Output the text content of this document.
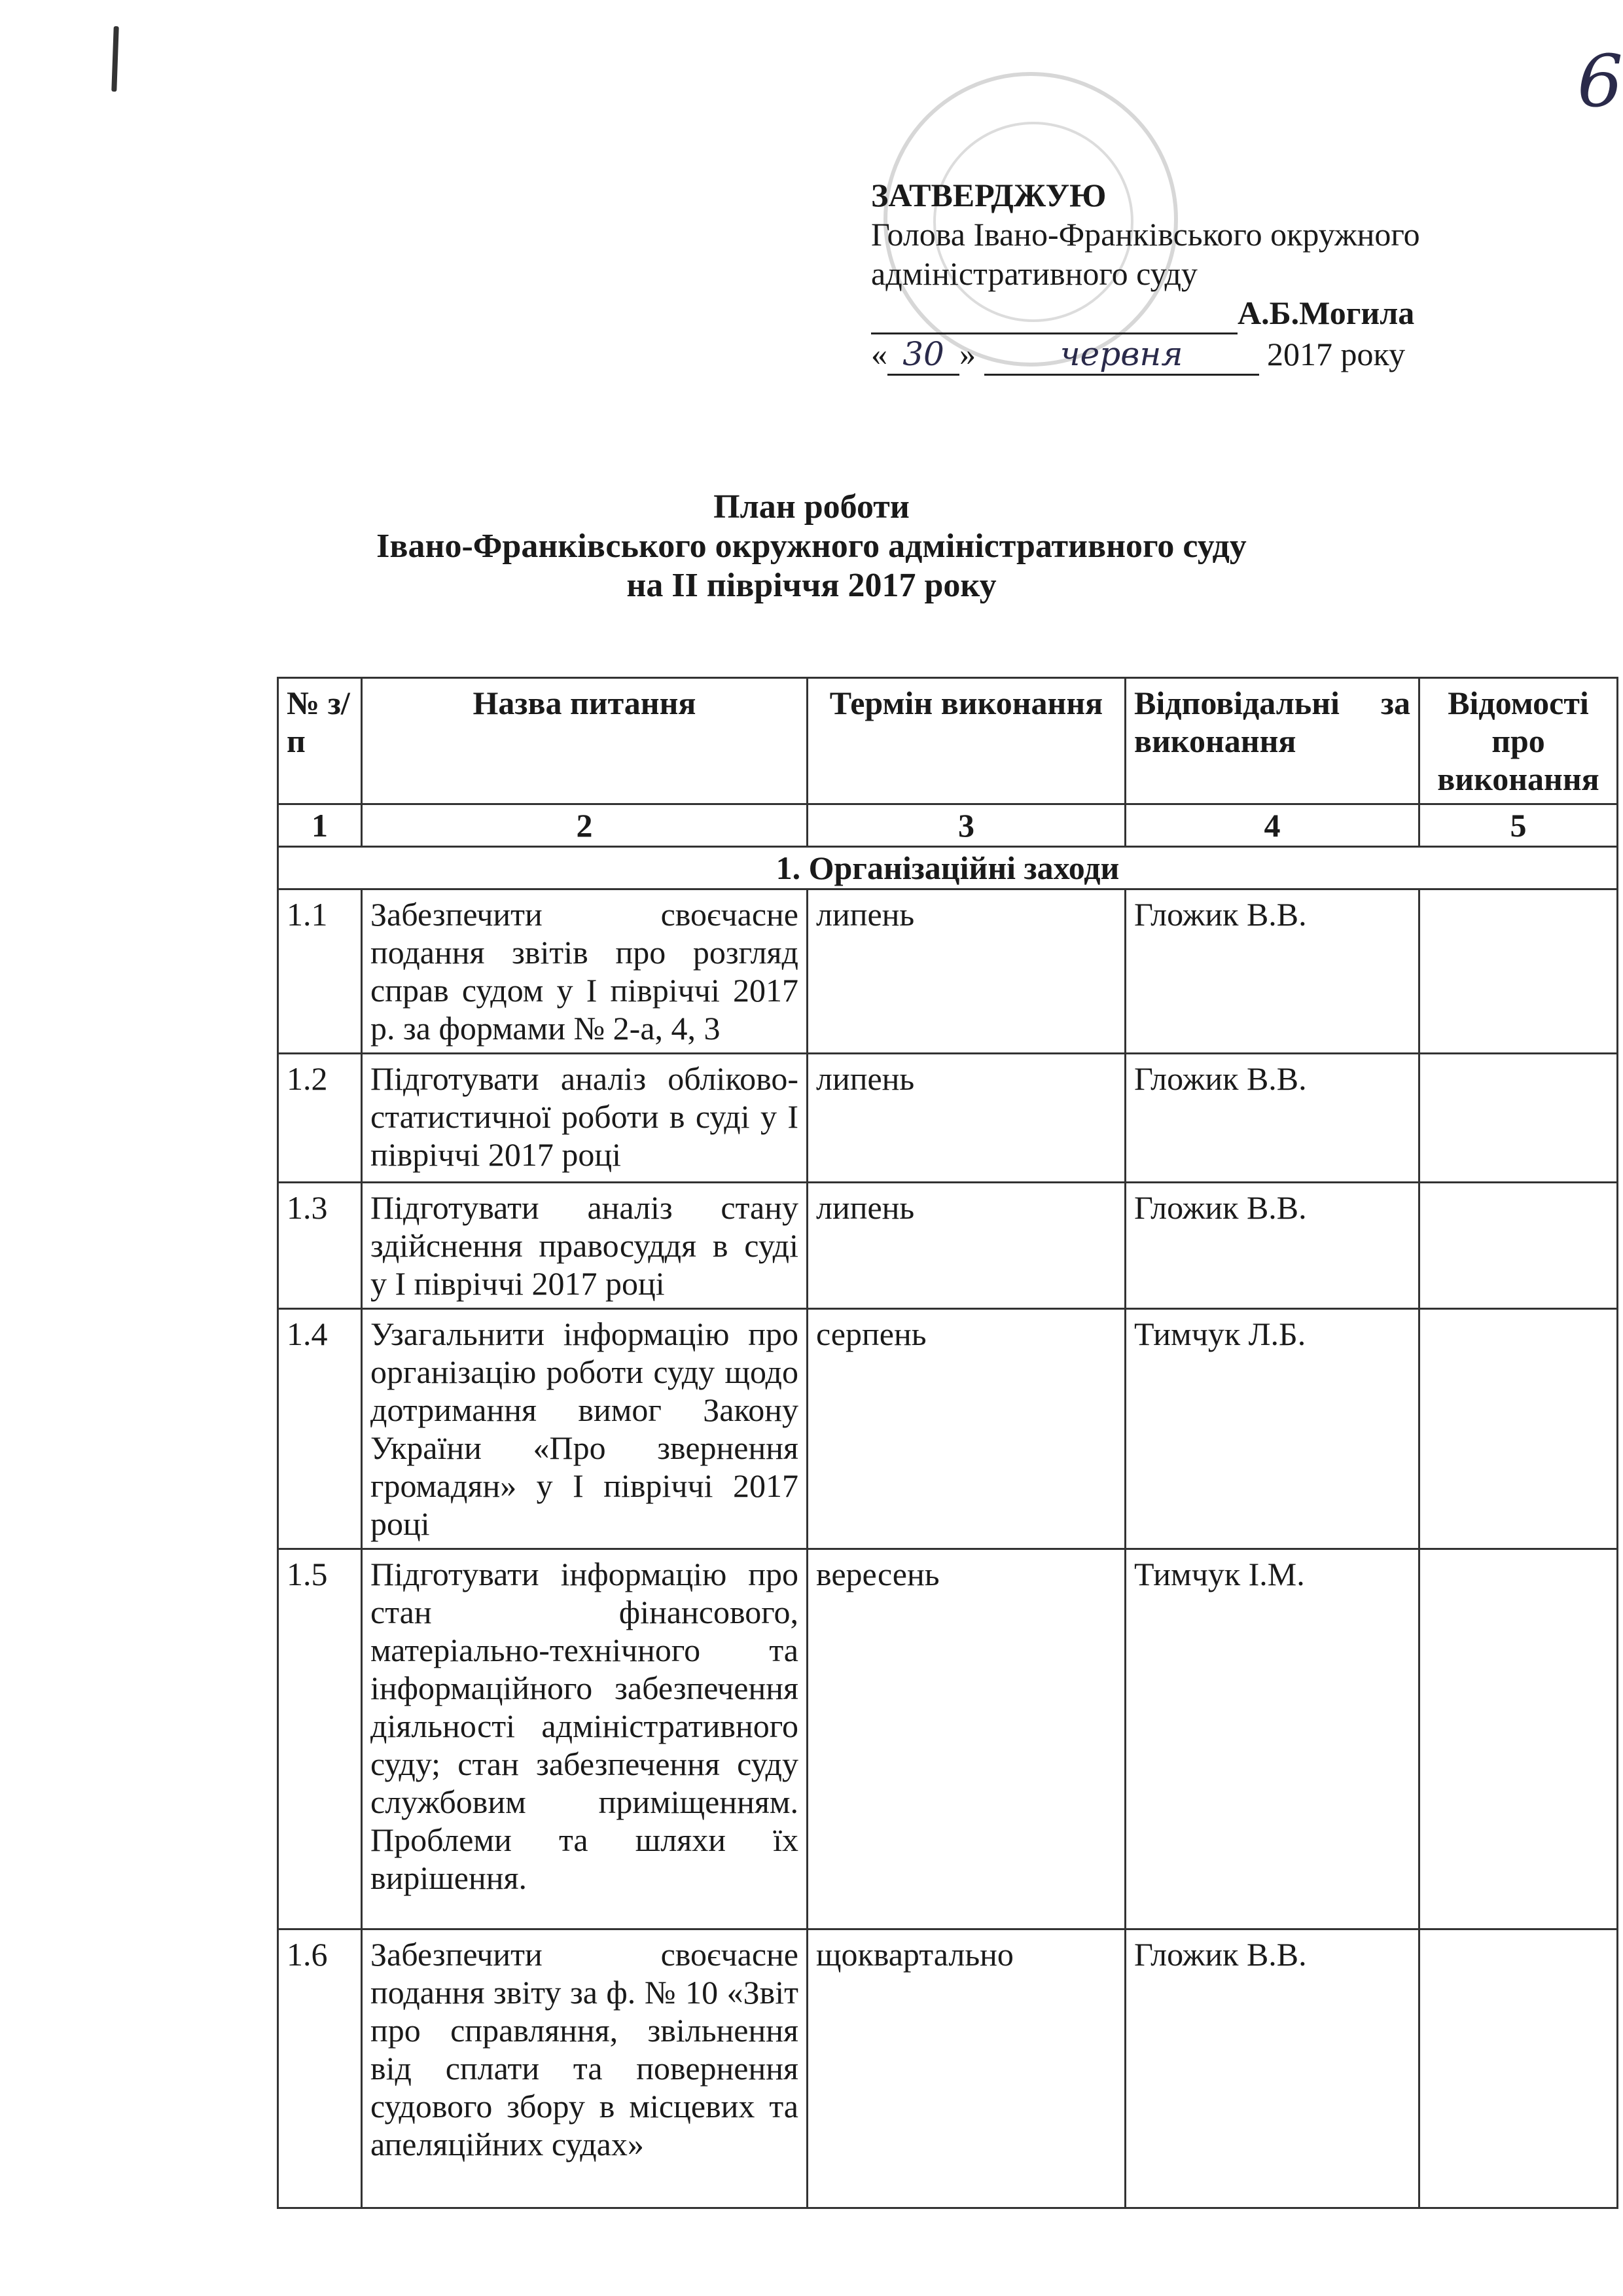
6
ЗАТВЕРДЖУЮ
Голова Івано-Франківського окружного
адміністративного суду
А.Б.Могила
« 30 » червня	2017 року
План роботи
Івано-Франківського окружного адміністративного суду
на ІІ півріччя 2017 року
№ з/п	Назва питання	Термін виконання	Відповідальні за виконання	Відомості про виконання
1	2	3	4	5
1. Організаційні заходи				
1.1	Забезпечити своєчасне подання звітів про розгляд справ судом у І півріччі 2017 р. за формами № 2-а, 4, 3	липень	Гложик В.В.	
1.2	Підготувати аналіз обліково-статистичної роботи в суді у І півріччі 2017 році	липень	Гложик В.В.	
1.3	Підготувати аналіз стану здійснення правосуддя в суді у І півріччі 2017 році	липень	Гложик В.В.	
1.4	Узагальнити інформацію про організацію роботи суду щодо дотримання вимог Закону України «Про звернення громадян» у І півріччі 2017 році	серпень	Тимчук Л.Б.	
1.5	Підготувати інформацію про стан фінансового, матеріально-технічного та інформаційного забезпечення діяльності адміністративного суду; стан забезпечення суду службовим приміщенням. Проблеми та шляхи їх вирішення.	вересень	Тимчук І.М.	
1.6	Забезпечити своєчасне подання звіту за ф. № 10 «Звіт про справляння, звільнення від сплати та повернення судового збору в місцевих та апеляційних судах»	щоквартально	Гложик В.В.	
